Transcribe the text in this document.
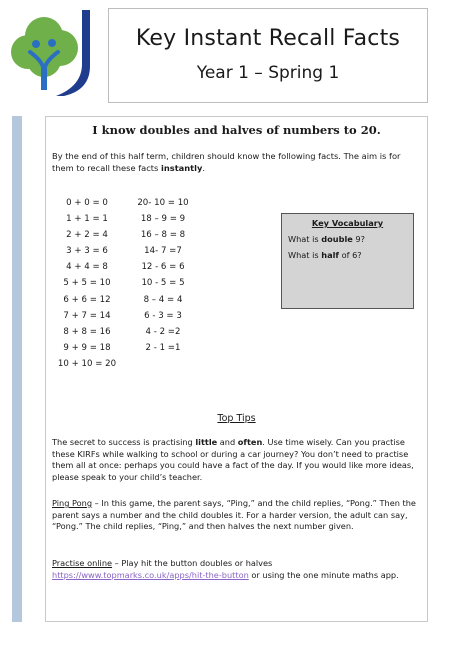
Key Instant Recall Facts
Year 1 – Spring 1
I know doubles and halves of numbers to 20.
By the end of this half term, children should know the following facts. The aim is for them to recall these facts instantly.
0 + 0 = 0
1 + 1 = 1
2 + 2 = 4
3 + 3 = 6
4 + 4 = 8
5 + 5 = 10
6 + 6 = 12
7 + 7 = 14
8 + 8 = 16
9 + 9 = 18
10 + 10 = 20
20- 10 = 10
18 – 9 = 9
16 – 8 = 8
14- 7 =7
12 - 6 = 6
10 - 5 = 5
8 – 4 = 4
6 - 3 = 3
4 - 2 =2
2 - 1 =1
Key Vocabulary
What is double 9?
What is half of 6?
Top Tips
The secret to success is practising little and often. Use time wisely. Can you practise these KIRFs while walking to school or during a car journey? You don’t need to practise them all at once: perhaps you could have a fact of the day. If you would like more ideas, please speak to your child’s teacher.
Ping Pong – In this game, the parent says, “Ping,” and the child replies, “Pong.” Then the parent says a number and the child doubles it. For a harder version, the adult can say, “Pong.” The child replies, “Ping,” and then halves the next number given.
Practise online – Play hit the button doubles or halves https://www.topmarks.co.uk/apps/hit-the-button or using the one minute maths app.
